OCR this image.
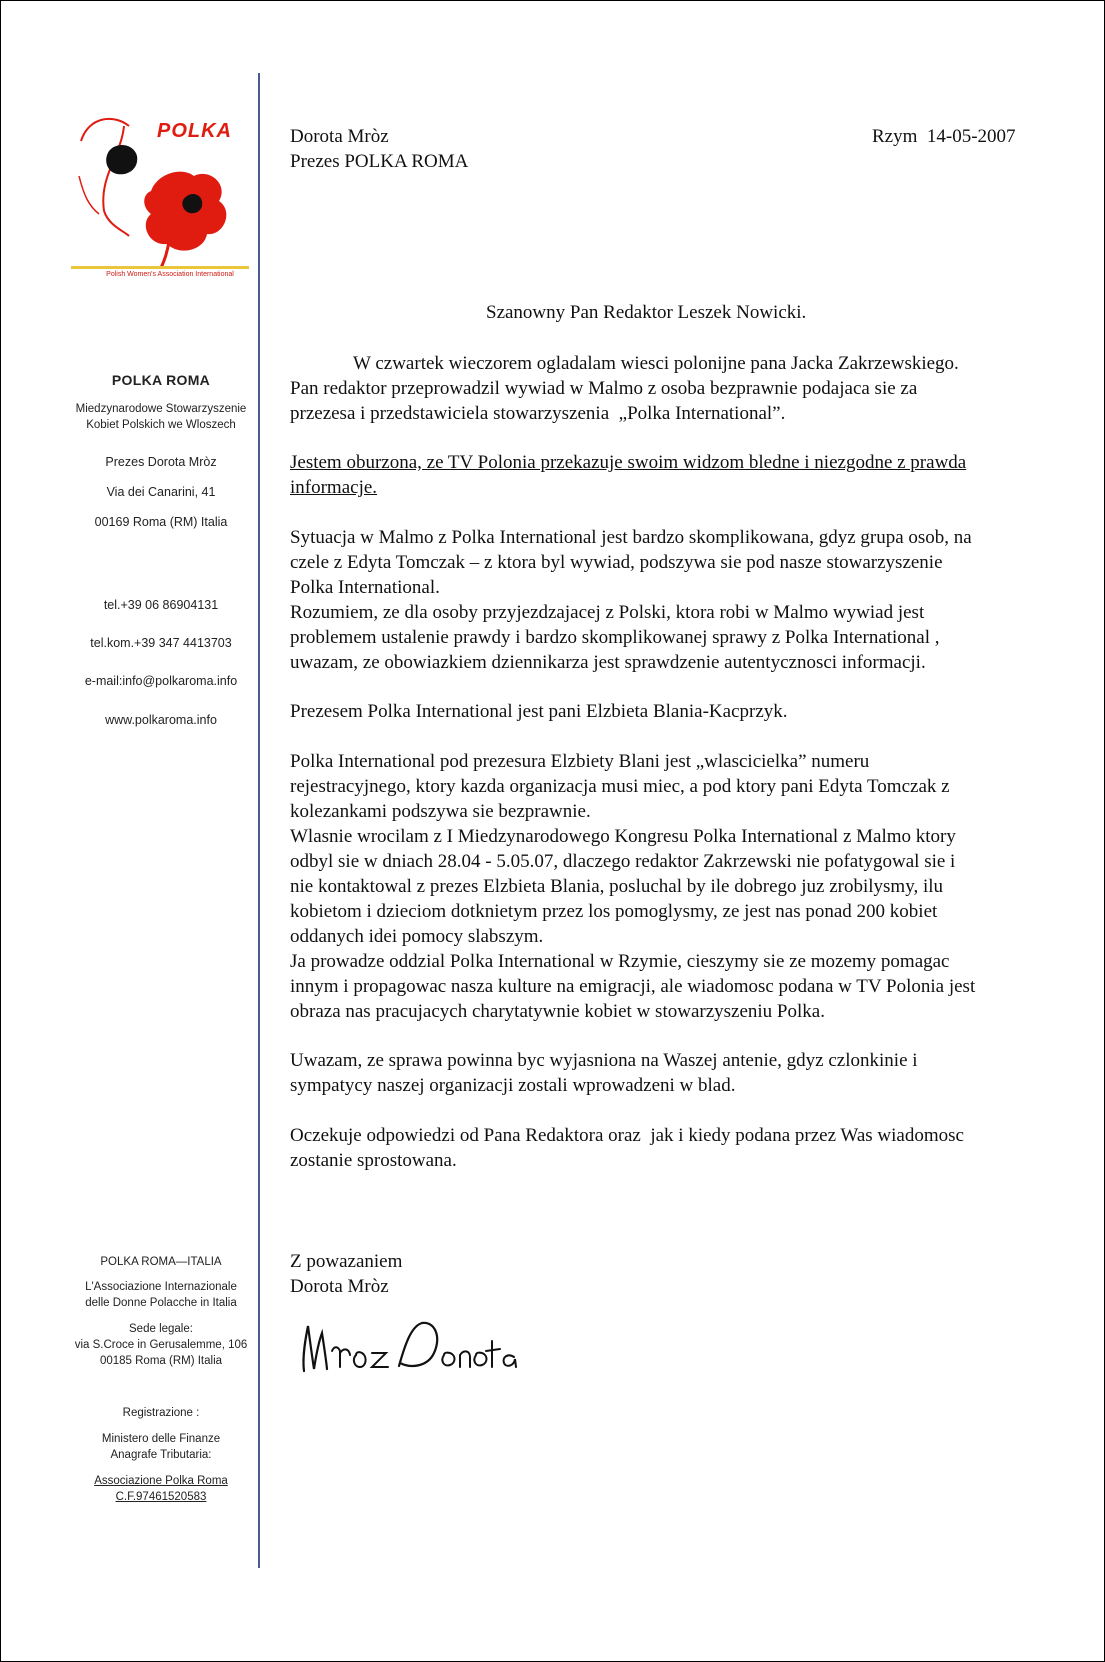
POLKA
Polish Women's Association International
POLKA ROMA
Miedzynarodowe Stowarzyszenie
Kobiet Polskich we Wloszech
Prezes Dorota Mròz
Via dei Canarini, 41
00169 Roma (RM) Italia
tel.+39 06 86904131
tel.kom.+39 347 4413703
e-mail:info@polkaroma.info
www.polkaroma.info
POLKA ROMA—ITALIA
L'Associazione Internazionale
delle Donne Polacche in Italia
Sede legale:
via S.Croce in Gerusalemme, 106
00185 Roma (RM) Italia
Registrazione :
Ministero delle Finanze
Anagrafe Tributaria:
Associazione Polka Roma
C.F.97461520583
Dorota Mròz
Prezes POLKA ROMA
Rzym  14-05-2007
Szanowny Pan Redaktor Leszek Nowicki.
W czwartek wieczorem ogladalam wiesci polonijne pana Jacka Zakrzewskiego.
Pan redaktor przeprowadzil wywiad w Malmo z osoba bezprawnie podajaca sie za
przezesa i przedstawiciela stowarzyszenia  „Polka International”.
Jestem oburzona, ze TV Polonia przekazuje swoim widzom bledne i niezgodne z prawda
informacje.
Sytuacja w Malmo z Polka International jest bardzo skomplikowana, gdyz grupa osob, na
czele z Edyta Tomczak – z ktora byl wywiad, podszywa sie pod nasze stowarzyszenie
Polka International.
Rozumiem, ze dla osoby przyjezdzajacej z Polski, ktora robi w Malmo wywiad jest
problemem ustalenie prawdy i bardzo skomplikowanej sprawy z Polka International ,
uwazam, ze obowiazkiem dziennikarza jest sprawdzenie autentycznosci informacji.
Prezesem Polka International jest pani Elzbieta Blania-Kacprzyk.
Polka International pod prezesura Elzbiety Blani jest „wlascicielka” numeru
rejestracyjnego, ktory kazda organizacja musi miec, a pod ktory pani Edyta Tomczak z
kolezankami podszywa sie bezprawnie.
Wlasnie wrocilam z I Miedzynarodowego Kongresu Polka International z Malmo ktory
odbyl sie w dniach 28.04 - 5.05.07, dlaczego redaktor Zakrzewski nie pofatygowal sie i
nie kontaktowal z prezes Elzbieta Blania, posluchal by ile dobrego juz zrobilysmy, ilu
kobietom i dzieciom dotknietym przez los pomoglysmy, ze jest nas ponad 200 kobiet
oddanych idei pomocy slabszym.
Ja prowadze oddzial Polka International w Rzymie, cieszymy sie ze mozemy pomagac
innym i propagowac nasza kulture na emigracji, ale wiadomosc podana w TV Polonia jest
obraza nas pracujacych charytatywnie kobiet w stowarzyszeniu Polka.
Uwazam, ze sprawa powinna byc wyjasniona na Waszej antenie, gdyz czlonkinie i
sympatycy naszej organizacji zostali wprowadzeni w blad.
Oczekuje odpowiedzi od Pana Redaktora oraz  jak i kiedy podana przez Was wiadomosc
zostanie sprostowana.
Z powazaniem
Dorota Mròz
